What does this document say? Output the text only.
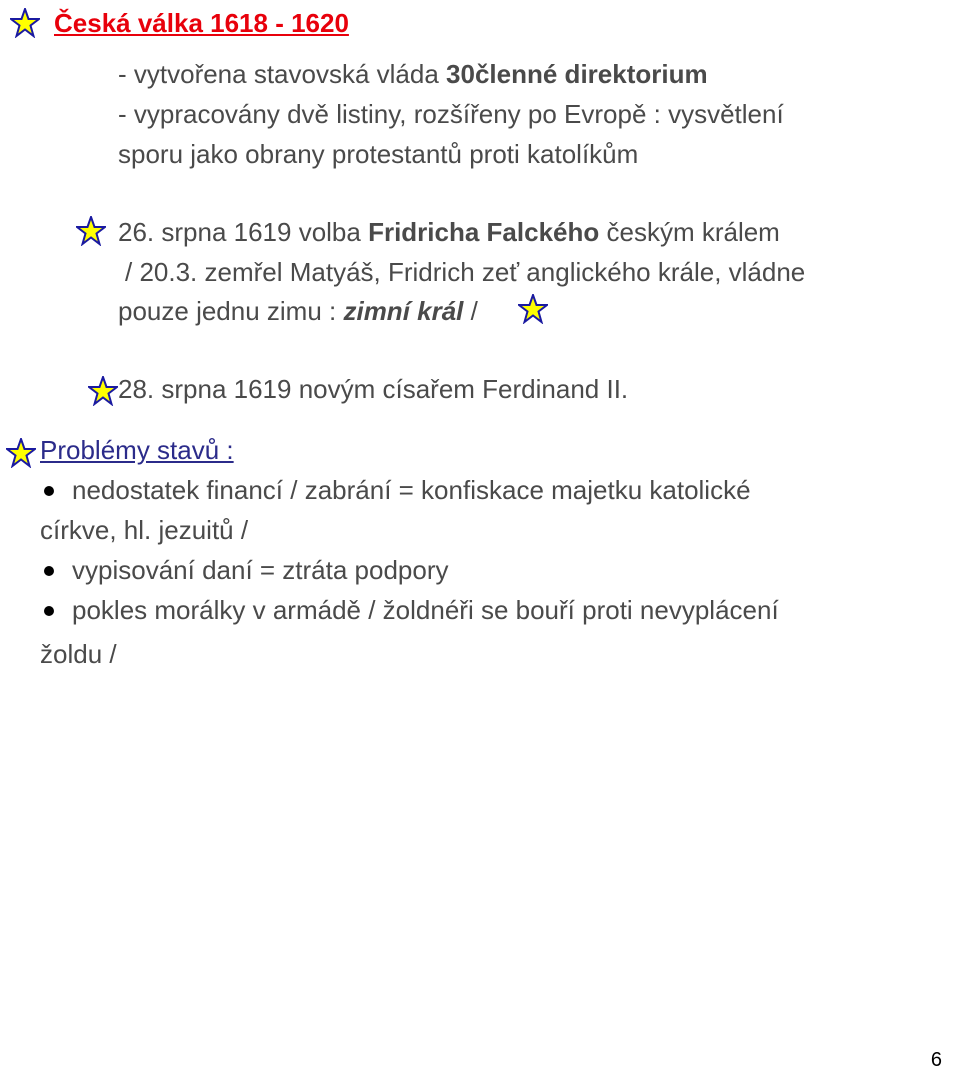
Česká válka 1618 - 1620
- vytvořena stavovská vláda 30členné direktorium
- vypracovány dvě listiny, rozšířeny po Evropě : vysvětlení
sporu jako obrany protestantů proti katolíkům
26. srpna 1619 volba Fridricha Falckého českým králem
/ 20.3. zemřel Matyáš, Fridrich zeť anglického krále, vládne
pouze jednu zimu : zimní král /
28. srpna 1619 novým císařem Ferdinand II.
Problémy stavů :
nedostatek financí / zabrání = konfiskace majetku katolické
církve, hl. jezuitů /
vypisování daní = ztráta podpory
pokles morálky v armádě / žoldnéři se bouří proti nevyplácení
žoldu /
6
